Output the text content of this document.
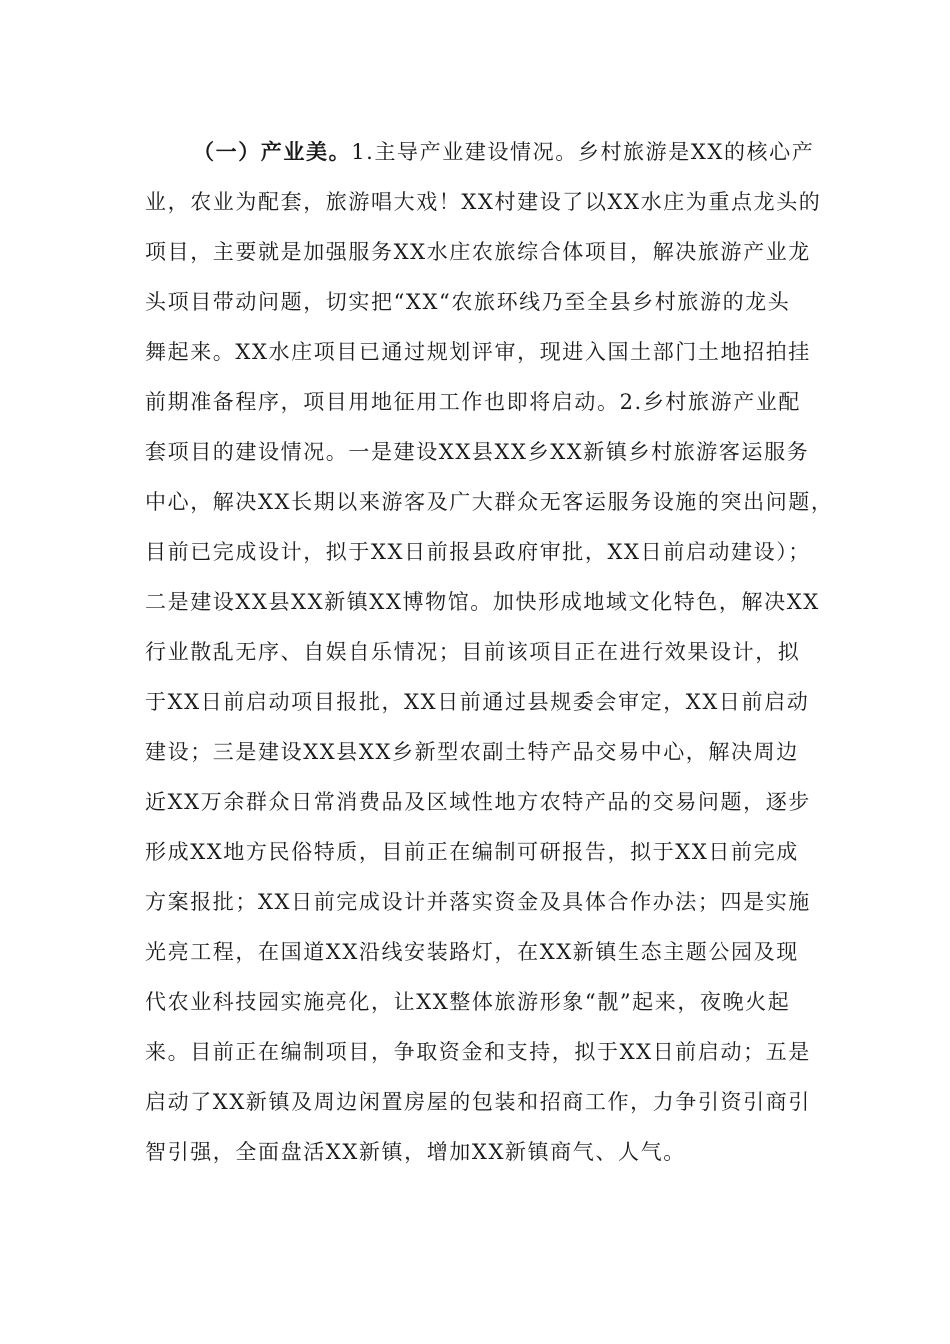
（一）产业美。1.主导产业建设情况。乡村旅游是XX的核心产
业，农业为配套，旅游唱大戏！XX村建设了以XX水庄为重点龙头的
项目，主要就是加强服务XX水庄农旅综合体项目，解决旅游产业龙
头项目带动问题，切实把“XX“农旅环线乃至全县乡村旅游的龙头
舞起来。XX水庄项目已通过规划评审，现进入国土部门土地招拍挂
前期准备程序，项目用地征用工作也即将启动。2.乡村旅游产业配
套项目的建设情况。一是建设XX县XX乡XX新镇乡村旅游客运服务
中心，解决XX长期以来游客及广大群众无客运服务设施的突出问题，
目前已完成设计，拟于XX日前报县政府审批，XX日前启动建设）；
二是建设XX县XX新镇XX博物馆。加快形成地域文化特色，解决XX
行业散乱无序、自娱自乐情况；目前该项目正在进行效果设计，拟
于XX日前启动项目报批，XX日前通过县规委会审定，XX日前启动
建设；三是建设XX县XX乡新型农副土特产品交易中心，解决周边
近XX万余群众日常消费品及区域性地方农特产品的交易问题，逐步
形成XX地方民俗特质，目前正在编制可研报告，拟于XX日前完成
方案报批；XX日前完成设计并落实资金及具体合作办法；四是实施
光亮工程，在国道XX沿线安装路灯，在XX新镇生态主题公园及现
代农业科技园实施亮化，让XX整体旅游形象“靓”起来，夜晚火起
来。目前正在编制项目，争取资金和支持，拟于XX日前启动；五是
启动了XX新镇及周边闲置房屋的包装和招商工作，力争引资引商引
智引强，全面盘活XX新镇，增加XX新镇商气、人气。
